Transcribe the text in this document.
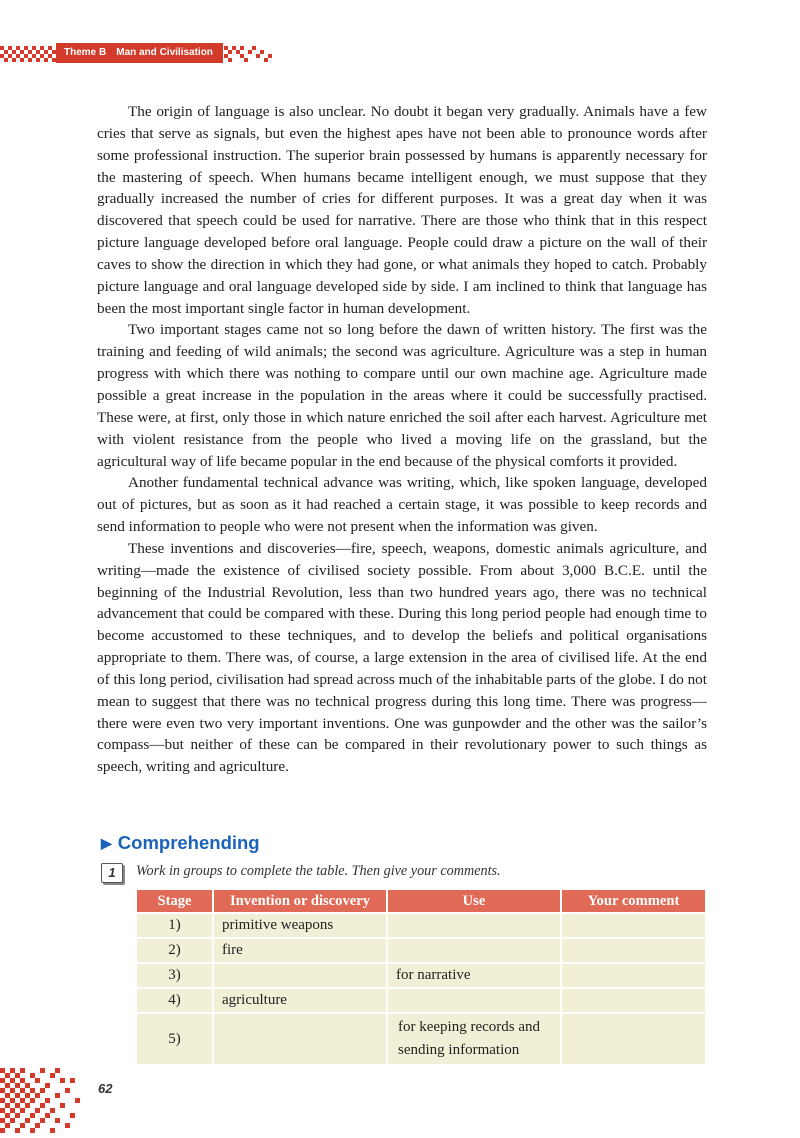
Theme B Man and Civilisation

The origin of language is also unclear. No doubt it began very gradually. Animals have a few cries that serve as signals, but even the highest apes have not been able to pronounce words after some professional instruction. The superior brain possessed by humans is apparently necessary for the mastering of speech. When humans became intelligent enough, we must suppose that they gradually increased the number of cries for different purposes. It was a great day when it was discovered that speech could be used for narrative. There are those who think that in this respect picture language developed before oral language. People could draw a picture on the wall of their caves to show the direction in which they had gone, or what animals they hoped to catch. Probably picture language and oral language developed side by side. I am inclined to think that language has been the most important single factor in human development.

Two important stages came not so long before the dawn of written history. The first was the training and feeding of wild animals; the second was agriculture. Agriculture was a step in human progress with which there was nothing to compare until our own machine age. Agriculture made possible a great increase in the population in the areas where it could be successfully practised. These were, at first, only those in which nature enriched the soil after each harvest. Agriculture met with violent resistance from the people who lived a moving life on the grassland, but the agricultural way of life became popular in the end because of the physical comforts it provided.

Another fundamental technical advance was writing, which, like spoken language, developed out of pictures, but as soon as it had reached a certain stage, it was possible to keep records and send information to people who were not present when the information was given.

These inventions and discoveries—fire, speech, weapons, domestic animals agriculture, and writing—made the existence of civilised society possible. From about 3,000 B.C.E. until the beginning of the Industrial Revolution, less than two hundred years ago, there was no technical advancement that could be compared with these. During this long period people had enough time to become accustomed to these techniques, and to develop the beliefs and political organisations appropriate to them. There was, of course, a large extension in the area of civilised life. At the end of this long period, civilisation had spread across much of the inhabitable parts of the globe. I do not mean to suggest that there was no technical progress during this long time. There was progress—there were even two very important inventions. One was gunpowder and the other was the sailor’s compass—but neither of these can be compared in their revolutionary power to such things as speech, writing and agriculture.

▶ Comprehending
1	Work in groups to complete the table. Then give your comments.
Stage	Invention or discovery	Use	Your comment
1)	primitive weapons		
2)	fire		
3)		for narrative	
4)	agriculture		
5)		for keeping records and sending information	
62
